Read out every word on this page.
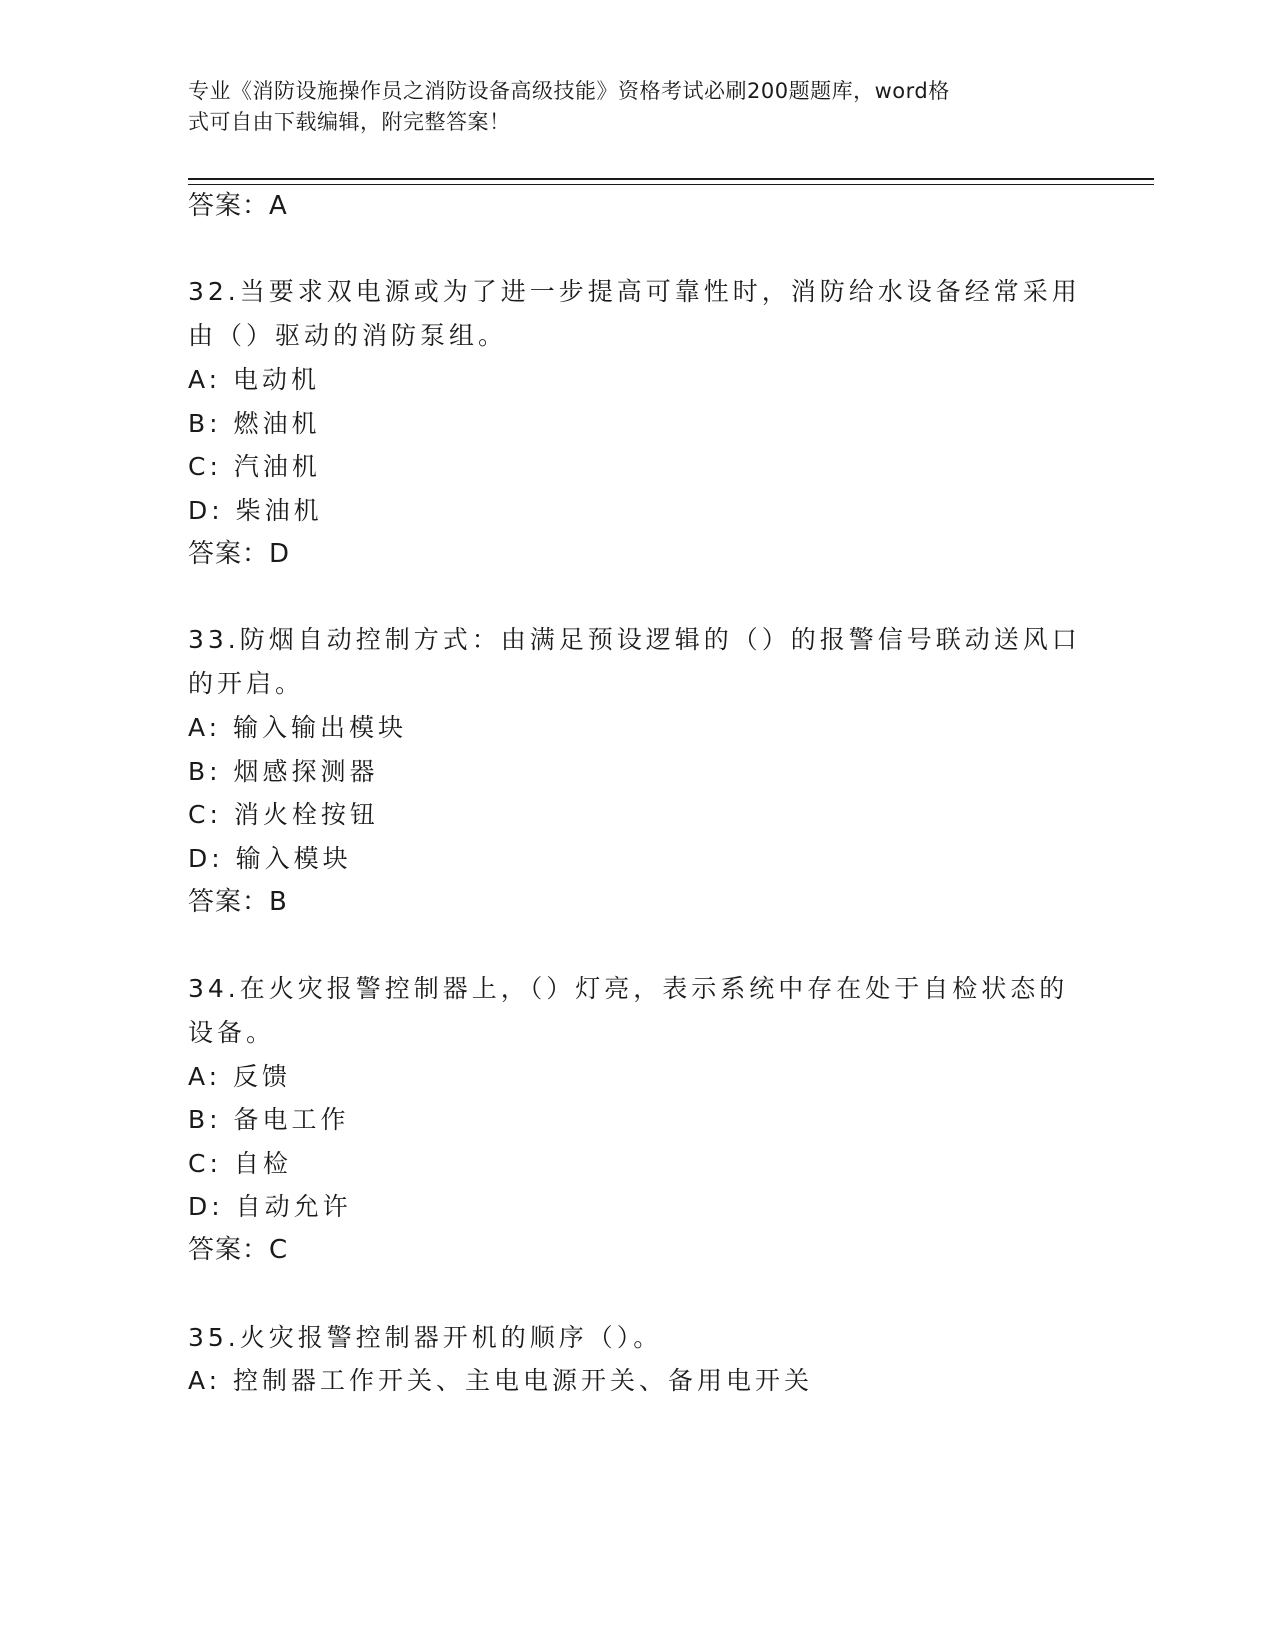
专业《消防设施操作员之消防设备高级技能》资格考试必刷200题题库，word格
式可自由下载编辑，附完整答案！
答案：A
32.当要求双电源或为了进一步提高可靠性时，消防给水设备经常采用
由（）驱动的消防泵组。
A: 电动机
B: 燃油机
C: 汽油机
D: 柴油机
答案：D
33.防烟自动控制方式：由满足预设逻辑的（）的报警信号联动送风口
的开启。
A: 输入输出模块
B: 烟感探测器
C: 消火栓按钮
D: 输入模块
答案：B
34.在火灾报警控制器上，（）灯亮，表示系统中存在处于自检状态的
设备。
A: 反馈
B: 备电工作
C: 自检
D: 自动允许
答案：C
35.火灾报警控制器开机的顺序（）。
A: 控制器工作开关、主电电源开关、备用电开关
